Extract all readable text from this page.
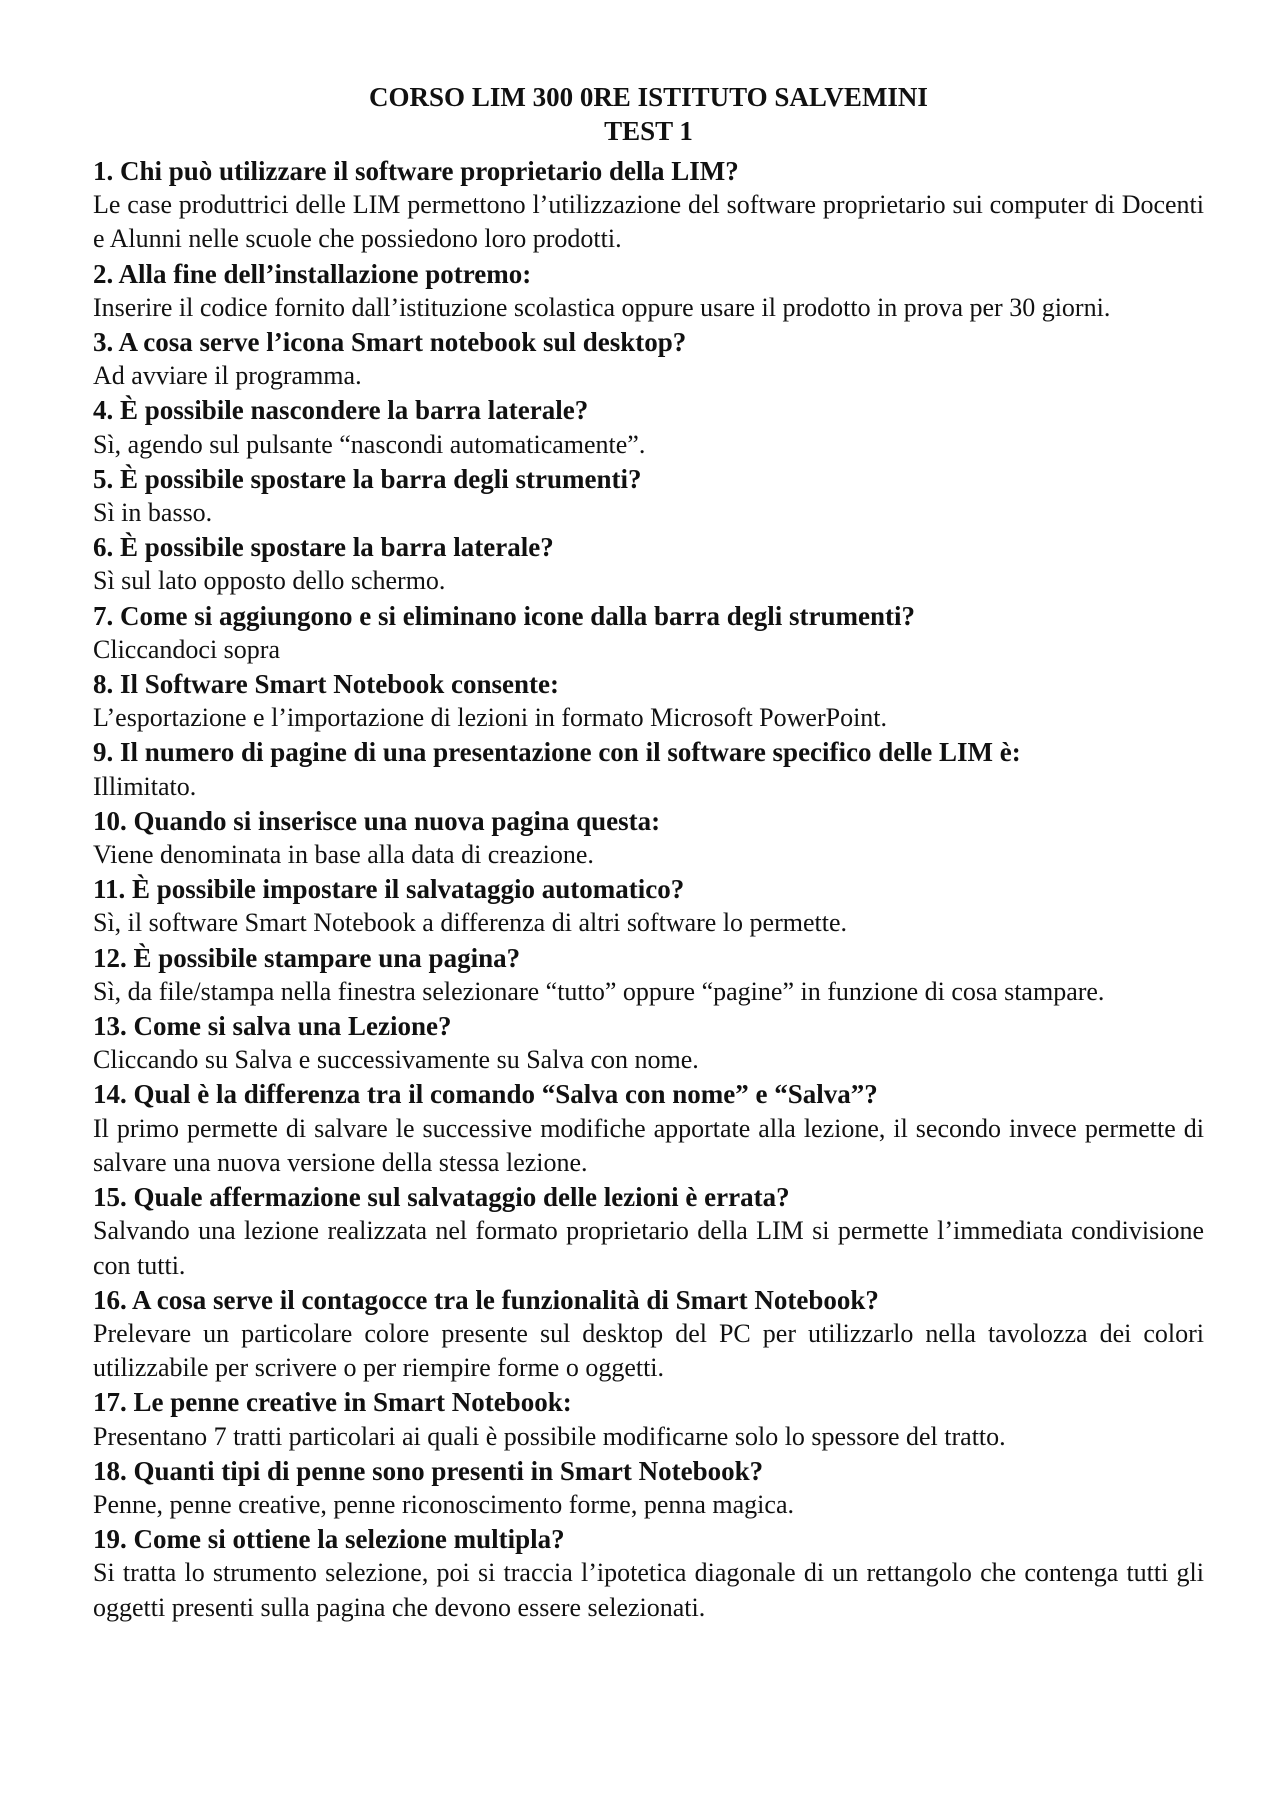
CORSO LIM 300 0RE ISTITUTO SALVEMINI

TEST 1

1. Chi può utilizzare il software proprietario della LIM?

Le case produttrici delle LIM permettono l’utilizzazione del software proprietario sui computer di Docenti e Alunni nelle scuole che possiedono loro prodotti.

2. Alla fine dell’installazione potremo:

Inserire il codice fornito dall’istituzione scolastica oppure usare il prodotto in prova per 30 giorni.

3. A cosa serve l’icona Smart notebook sul desktop?

Ad avviare il programma.

4. È possibile nascondere la barra laterale?

Sì, agendo sul pulsante “nascondi automaticamente”.

5. È possibile spostare la barra degli strumenti?

Sì in basso.

6. È possibile spostare la barra laterale?

Sì sul lato opposto dello schermo.

7. Come si aggiungono e si eliminano icone dalla barra degli strumenti?

Cliccandoci sopra

8. Il Software Smart Notebook consente:

L’esportazione e l’importazione di lezioni in formato Microsoft PowerPoint.

9. Il numero di pagine di una presentazione con il software specifico delle LIM è:

Illimitato.

10. Quando si inserisce una nuova pagina questa:

Viene denominata in base alla data di creazione.

11. È possibile impostare il salvataggio automatico?

Sì, il software Smart Notebook a differenza di altri software lo permette.

12. È possibile stampare una pagina?

Sì, da file/stampa nella finestra selezionare “tutto” oppure “pagine” in funzione di cosa stampare.

13. Come si salva una Lezione?

Cliccando su Salva e successivamente su Salva con nome.

14. Qual è la differenza tra il comando “Salva con nome” e “Salva”?

Il primo permette di salvare le successive modifiche apportate alla lezione, il secondo invece permette di salvare una nuova versione della stessa lezione.

15. Quale affermazione sul salvataggio delle lezioni è errata?

Salvando una lezione realizzata nel formato proprietario della LIM si permette l’immediata condivisione con tutti.

16. A cosa serve il contagocce tra le funzionalità di Smart Notebook?

Prelevare un particolare colore presente sul desktop del PC per utilizzarlo nella tavolozza dei colori utilizzabile per scrivere o per riempire forme o oggetti.

17. Le penne creative in Smart Notebook:

Presentano 7 tratti particolari ai quali è possibile modificarne solo lo spessore del tratto.

18. Quanti tipi di penne sono presenti in Smart Notebook?

Penne, penne creative, penne riconoscimento forme, penna magica.

19. Come si ottiene la selezione multipla?

Si tratta lo strumento selezione, poi si traccia l’ipotetica diagonale di un rettangolo che contenga tutti gli oggetti presenti sulla pagina che devono essere selezionati.
